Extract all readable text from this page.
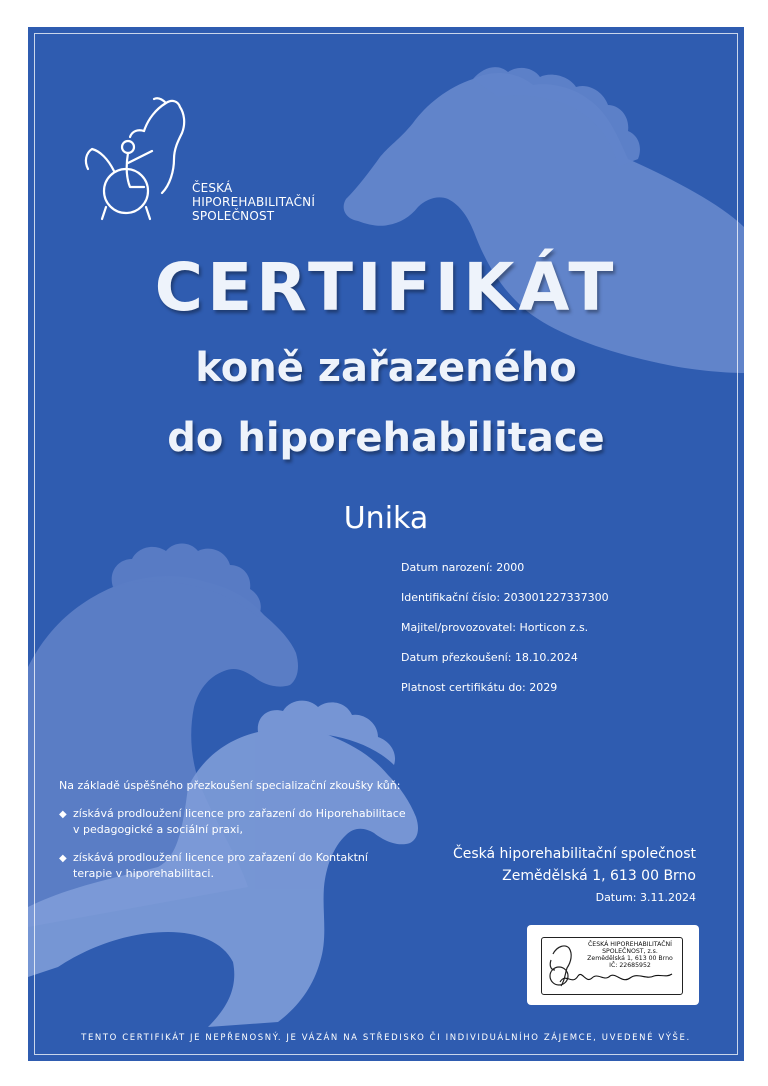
ČESKÁ
HIPOREHABILITAČNÍ
SPOLEČNOST
CERTIFIKÁT
koně zařazeného
do hiporehabilitace
Unika
Datum narození: 2000
Identifikační číslo: 203001227337300
Majitel/provozovatel: Horticon z.s.
Datum přezkoušení: 18.10.2024
Platnost certifikátu do: 2029
Na základě úspěšného přezkoušení specializační zkoušky kůň:
◆ získává prodloužení licence pro zařazení do Hiporehabilitace v pedagogické a sociální praxi,
◆ získává prodloužení licence pro zařazení do Kontaktní terapie v hiporehabilitaci.
Česká hiporehabilitační společnost
Zemědělská 1, 613 00 Brno
Datum: 3.11.2024
ČESKÁ HIPOREHABILITAČNÍ
SPOLEČNOST, z.s.
Zemědělská 1, 613 00 Brno
IČ: 22685952
TENTO CERTIFIKÁT JE NEPŘENOSNÝ. JE VÁZÁN NA STŘEDISKO ČI INDIVIDUÁLNÍHO ZÁJEMCE, UVEDENÉ VÝŠE.
